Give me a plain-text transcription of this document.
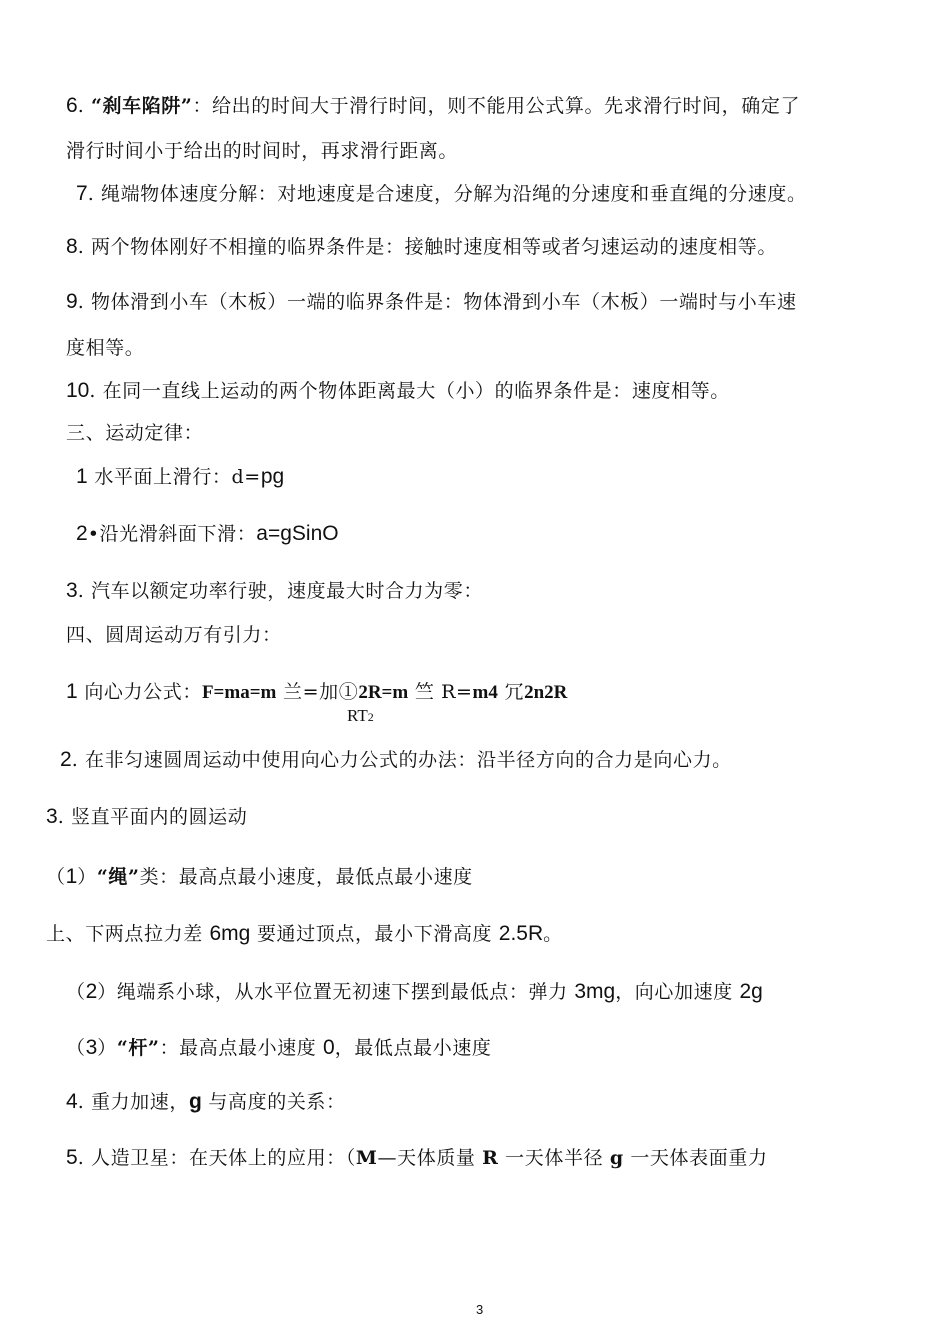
6. “刹车陷阱”：给出的时间大于滑行时间，则不能用公式算。先求滑行时间，确定了
滑行时间小于给出的时间时，再求滑行距离。
7. 绳端物体速度分解：对地速度是合速度，分解为沿绳的分速度和垂直绳的分速度。
8. 两个物体刚好不相撞的临界条件是：接触时速度相等或者匀速运动的速度相等。
9. 物体滑到小车（木板）一端的临界条件是：物体滑到小车（木板）一端时与小车速
度相等。
10. 在同一直线上运动的两个物体距离最大（小）的临界条件是：速度相等。
三、运动定律：
1 水平面上滑行：d=pg
2•沿光滑斜面下滑：a=gSinO
3. 汽车以额定功率行驶，速度最大时合力为零：
四、圆周运动万有引力：
1 向心力公式：F=ma=m 兰=加①2R=m 竺 R=m4 冗2n2R
RT2
2. 在非匀速圆周运动中使用向心力公式的办法：沿半径方向的合力是向心力。
3. 竖直平面内的圆运动
（1）“绳”类：最高点最小速度，最低点最小速度
上、下两点拉力差 6mg 要通过顶点，最小下滑高度 2.5R。
（2）绳端系小球，从水平位置无初速下摆到最低点：弹力 3mg，向心加速度 2g
（3）“杆”：最高点最小速度 0，最低点最小速度
4. 重力加速，g 与高度的关系：
5. 人造卫星：在天体上的应用：（M—天体质量 R 一天体半径 g 一天体表面重力
3
